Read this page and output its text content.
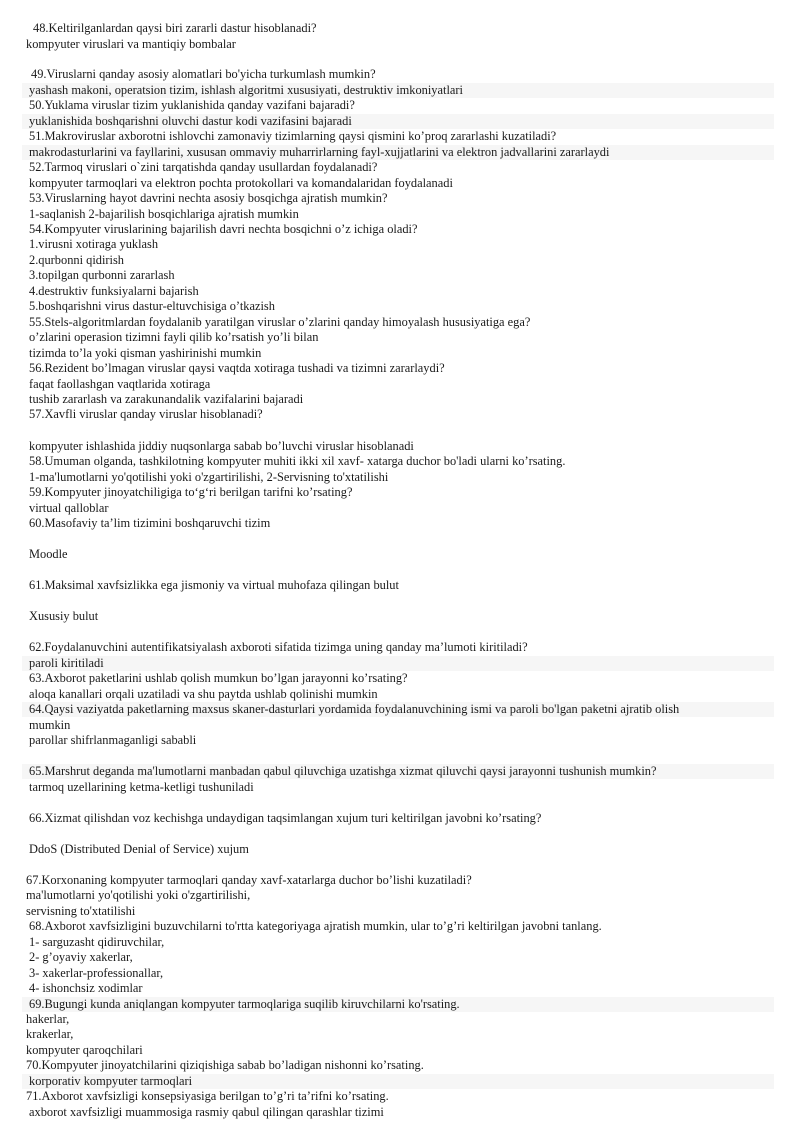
48.Keltirilganlardan qaysi biri zararli dastur hisoblanadi?
kompyuter viruslari va mantiqiy bombalar
49.Viruslarni qanday asosiy alomatlari bo'yicha turkumlash mumkin?
yashash makoni, operatsion tizim, ishlash algoritmi xususiyati, destruktiv imkoniyatlari
50.Yuklama viruslar tizim yuklanishida qanday vazifani bajaradi?
yuklanishida boshqarishni oluvchi dastur kodi vazifasini bajaradi
51.Makroviruslar axborotni ishlovchi zamonaviy tizimlarning qaysi qismini ko’proq zararlashi kuzatiladi?
makrodasturlarini va fayllarini, xususan ommaviy muharrirlarning fayl-xujjatlarini va elektron jadvallarini zararlaydi
52.Tarmoq viruslari o`zini tarqatishda qanday usullardan foydalanadi?
kompyuter tarmoqlari va elektron pochta protokollari va komandalaridan foydalanadi
53.Viruslarning hayot davrini nechta asosiy bosqichga ajratish mumkin?
1-saqlanish 2-bajarilish bosqichlariga ajratish mumkin
54.Kompyuter viruslarining bajarilish davri nechta bosqichni o’z ichiga oladi?
1.virusni xotiraga yuklash
2.qurbonni qidirish
3.topilgan qurbonni zararlash
4.destruktiv funksiyalarni bajarish
5.boshqarishni virus dastur-eltuvchisiga o’tkazish
55.Stels-algoritmlardan foydalanib yaratilgan viruslar o’zlarini qanday himoyalash hususiyatiga ega?
o’zlarini operasion tizimni fayli qilib ko’rsatish yo’li bilan
tizimda to’la yoki qisman yashirinishi mumkin
56.Rezident bo’lmagan viruslar qaysi vaqtda xotiraga tushadi va tizimni zararlaydi?
faqat faollashgan vaqtlarida xotiraga
tushib zararlash va zarakunandalik vazifalarini bajaradi
57.Xavfli viruslar qanday viruslar hisoblanadi?
kompyuter ishlashida jiddiy nuqsonlarga sabab bo’luvchi viruslar hisoblanadi
58.Umuman olganda, tashkilotning kompyuter muhiti ikki xil xavf- xatarga duchor bo'ladi ularni ko’rsating.
1-ma'lumotlarni yo'qotilishi yoki o'zgartirilishi, 2-Servisning to'xtatilishi
59.Kompyuter jinoyatchiligiga to‘g‘ri berilgan tarifni ko’rsating?
virtual qalloblar
60.Masofaviy ta’lim tizimini boshqaruvchi tizim
Moodle
61.Maksimal xavfsizlikka ega jismoniy va virtual muhofaza qilingan bulut
Xususiy bulut
62.Foydalanuvchini autentifikatsiyalash axboroti sifatida tizimga uning qanday ma’lumoti kiritiladi?
paroli kiritiladi
63.Axborot paketlarini ushlab qolish mumkun bo’lgan jarayonni ko’rsating?
aloqa kanallari orqali uzatiladi va shu paytda ushlab qolinishi mumkin
64.Qaysi vaziyatda paketlarning maxsus skaner-dasturlari yordamida foydalanuvchining ismi va paroli bo'lgan paketni ajratib olish
mumkin
parollar shifrlanmaganligi sababli
65.Marshrut deganda ma'lumotlarni manbadan qabul qiluvchiga uzatishga xizmat qiluvchi qaysi jarayonni tushunish mumkin?
tarmoq uzellarining ketma-ketligi tushuniladi
66.Xizmat qilishdan voz kechishga undaydigan taqsimlangan xujum turi keltirilgan javobni ko’rsating?
DdoS (Distributed Denial of Service) xujum
67.Korxonaning kompyuter tarmoqlari qanday xavf-xatarlarga duchor bo’lishi kuzatiladi?
ma'lumotlarni yo'qotilishi yoki o'zgartirilishi,
servisning to'xtatilishi
68.Axborot xavfsizligini buzuvchilarni to'rtta kategoriyaga ajratish mumkin, ular to’g’ri keltirilgan javobni tanlang.
1- sarguzasht qidiruvchilar,
2- g’oyaviy xakerlar,
3- xakerlar-professionallar,
4- ishonchsiz xodimlar
69.Bugungi kunda aniqlangan kompyuter tarmoqlariga suqilib kiruvchilarni ko'rsating.
hakerlar,
krakerlar,
kompyuter qaroqchilari
70.Kompyuter jinoyatchilarini qiziqishiga sabab bo’ladigan nishonni ko’rsating.
korporativ kompyuter tarmoqlari
71.Axborot xavfsizligi konsepsiyasiga berilgan to’g’ri ta’rifni ko’rsating.
axborot xavfsizligi muammosiga rasmiy qabul qilingan qarashlar tizimi
